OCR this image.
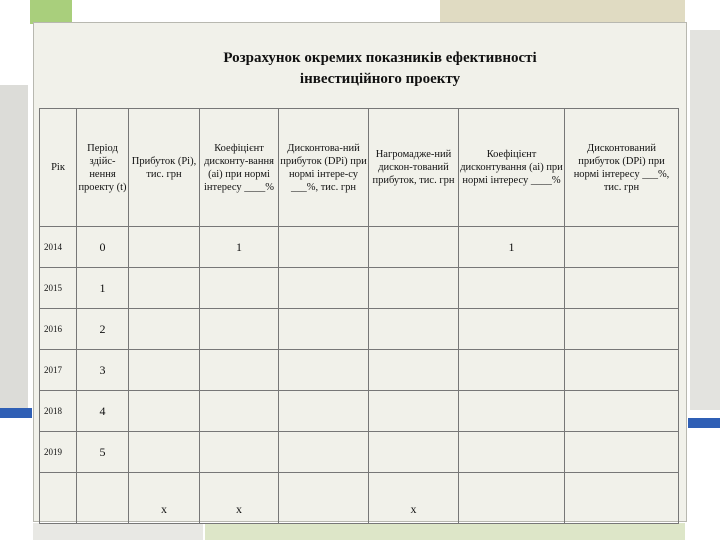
Розрахунок окремих показників ефективності
інвестиційного проекту
Рік	Період здійс-нення проекту (t)	Прибуток (Pi), тис. грн	Коефіцієнт дисконту-вання (ai) при нормі інтересу ____%	Дисконтова-ний прибуток (DPi) при нормі інтере-су ___%, тис. грн	Нагромадже-ний дискон-тований прибуток, тис. грн	Коефіцієнт дисконтування (ai) при нормі інтересу ____%	Дисконтований прибуток (DPi) при нормі інтересу ___%, тис. грн
2014	0		1			1	
2015	1						
2016	2						
2017	3						
2018	4						
2019	5						
		х	х		х		
